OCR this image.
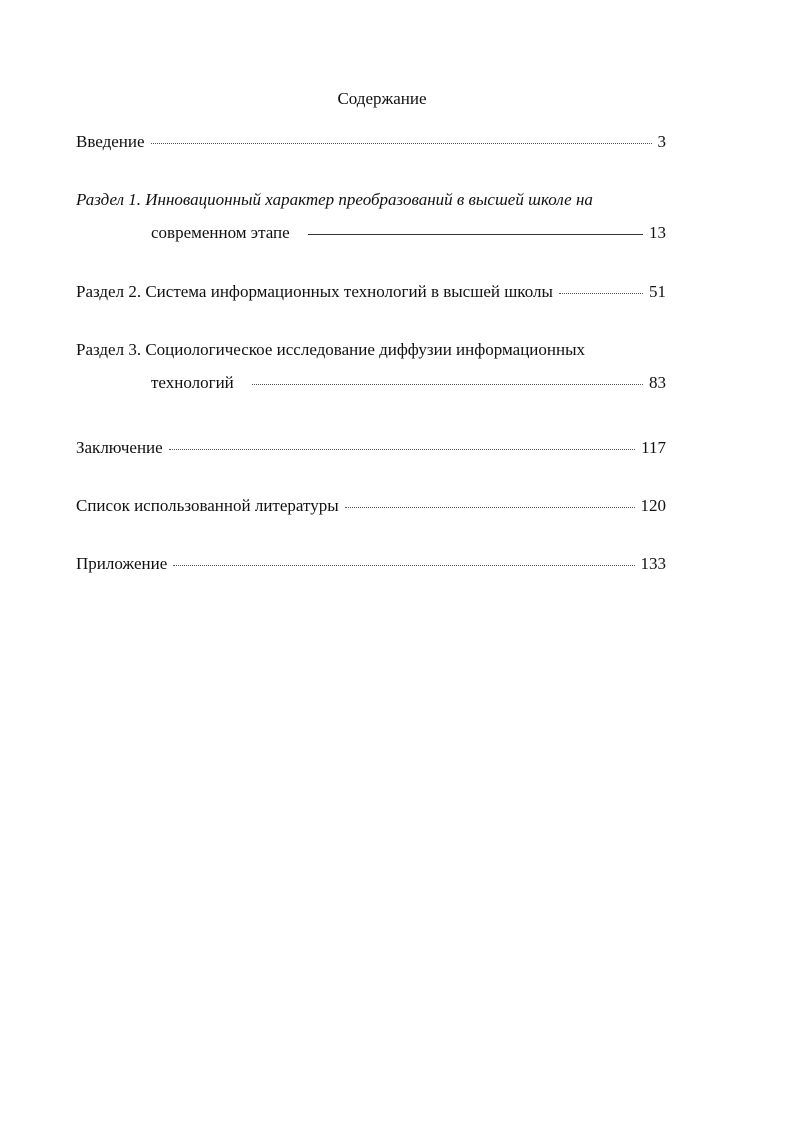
Содержание
Введение	3
Раздел 1. Инновационный характер преобразований в высшей школе на
современном этапе	13
Раздел 2. Система информационных технологий в высшей школы	51
Раздел 3. Социологическое исследование диффузии информационных
технологий	83
Заключение	117
Список использованной литературы	120
Приложение	133
